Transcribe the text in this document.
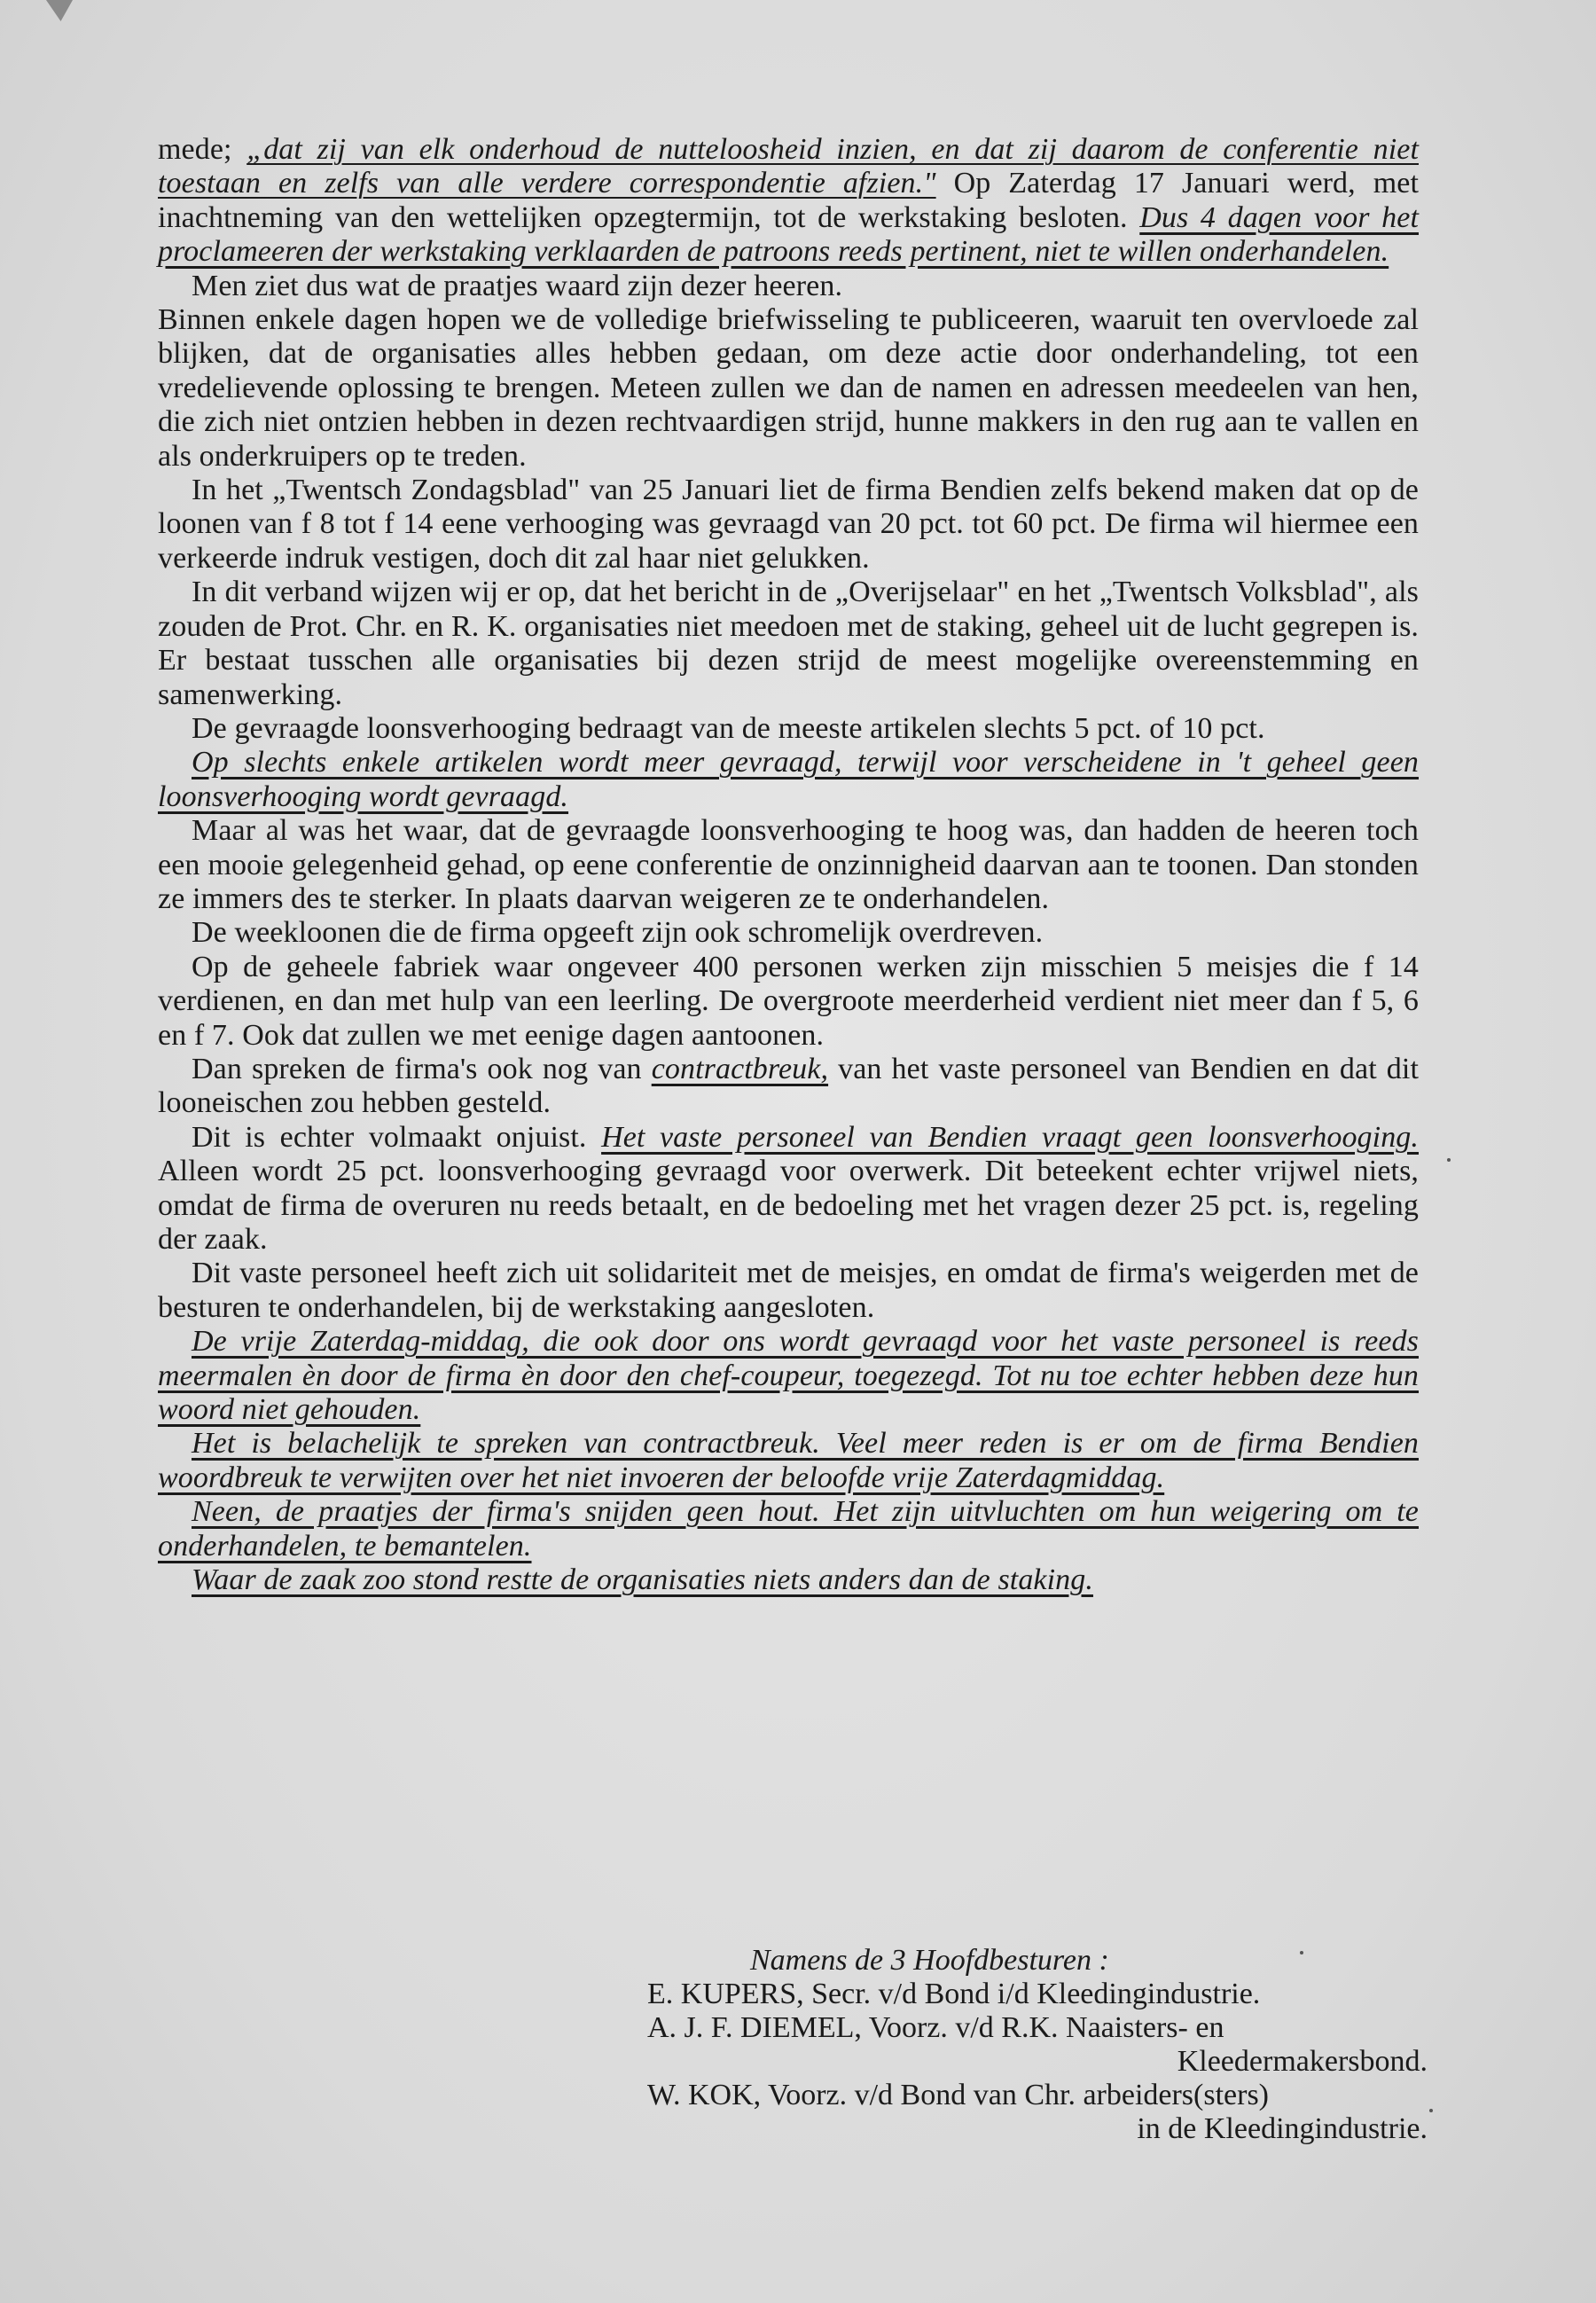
mede; „dat zij van elk onderhoud de nutteloosheid inzien, en dat zij daarom de conferentie niet toestaan en zelfs van alle verdere correspondentie afzien." Op Zaterdag 17 Januari werd, met inachtneming van den wettelijken opzegtermijn, tot de werkstaking besloten. Dus 4 dagen voor het proclameeren der werkstaking verklaarden de patroons reeds pertinent, niet te willen onderhandelen.

Men ziet dus wat de praatjes waard zijn dezer heeren.

Binnen enkele dagen hopen we de volledige briefwisseling te publiceeren, waaruit ten overvloede zal blijken, dat de organisaties alles hebben gedaan, om deze actie door onderhandeling, tot een vredelievende oplossing te brengen. Meteen zullen we dan de namen en adressen meedeelen van hen, die zich niet ontzien hebben in dezen rechtvaardigen strijd, hunne makkers in den rug aan te vallen en als onderkruipers op te treden.

In het „Twentsch Zondagsblad" van 25 Januari liet de firma Bendien zelfs bekend maken dat op de loonen van f 8 tot f 14 eene verhooging was gevraagd van 20 pct. tot 60 pct. De firma wil hiermee een verkeerde indruk vestigen, doch dit zal haar niet gelukken.

In dit verband wijzen wij er op, dat het bericht in de „Overijselaar" en het „Twentsch Volksblad", als zouden de Prot. Chr. en R. K. organisaties niet meedoen met de staking, geheel uit de lucht gegrepen is. Er bestaat tusschen alle organisaties bij dezen strijd de meest mogelijke overeenstemming en samenwerking.

De gevraagde loonsverhooging bedraagt van de meeste artikelen slechts 5 pct. of 10 pct.

Op slechts enkele artikelen wordt meer gevraagd, terwijl voor verscheidene in 't geheel geen loonsverhooging wordt gevraagd.

Maar al was het waar, dat de gevraagde loonsverhooging te hoog was, dan hadden de heeren toch een mooie gelegenheid gehad, op eene conferentie de onzinnigheid daarvan aan te toonen. Dan stonden ze immers des te sterker. In plaats daarvan weigeren ze te onderhandelen.

De weekloonen die de firma opgeeft zijn ook schromelijk overdreven.

Op de geheele fabriek waar ongeveer 400 personen werken zijn misschien 5 meisjes die f 14 verdienen, en dan met hulp van een leerling. De overgroote meerderheid verdient niet meer dan f 5, 6 en f 7. Ook dat zullen we met eenige dagen aantoonen.

Dan spreken de firma's ook nog van contractbreuk, van het vaste personeel van Bendien en dat dit looneischen zou hebben gesteld.

Dit is echter volmaakt onjuist. Het vaste personeel van Bendien vraagt geen loonsverhooging. Alleen wordt 25 pct. loonsverhooging gevraagd voor overwerk. Dit beteekent echter vrijwel niets, omdat de firma de overuren nu reeds betaalt, en de bedoeling met het vragen dezer 25 pct. is, regeling der zaak.

Dit vaste personeel heeft zich uit solidariteit met de meisjes, en omdat de firma's weigerden met de besturen te onderhandelen, bij de werkstaking aangesloten.

De vrije Zaterdag-middag, die ook door ons wordt gevraagd voor het vaste personeel is reeds meermalen èn door de firma èn door den chef-coupeur, toegezegd. Tot nu toe echter hebben deze hun woord niet gehouden.

Het is belachelijk te spreken van contractbreuk. Veel meer reden is er om de firma Bendien woordbreuk te verwijten over het niet invoeren der beloofde vrije Zaterdagmiddag.

Neen, de praatjes der firma's snijden geen hout. Het zijn uitvluchten om hun weigering om te onderhandelen, te bemantelen.

Waar de zaak zoo stond restte de organisaties niets anders dan de staking.

Namens de 3 Hoofdbesturen :
E. KUPERS, Secr. v/d Bond i/d Kleedingindustrie.
A. J. F. DIEMEL, Voorz. v/d R.K. Naaisters- en
Kleedermakersbond.
W. KOK, Voorz. v/d Bond van Chr. arbeiders(sters)
in de Kleedingindustrie.
